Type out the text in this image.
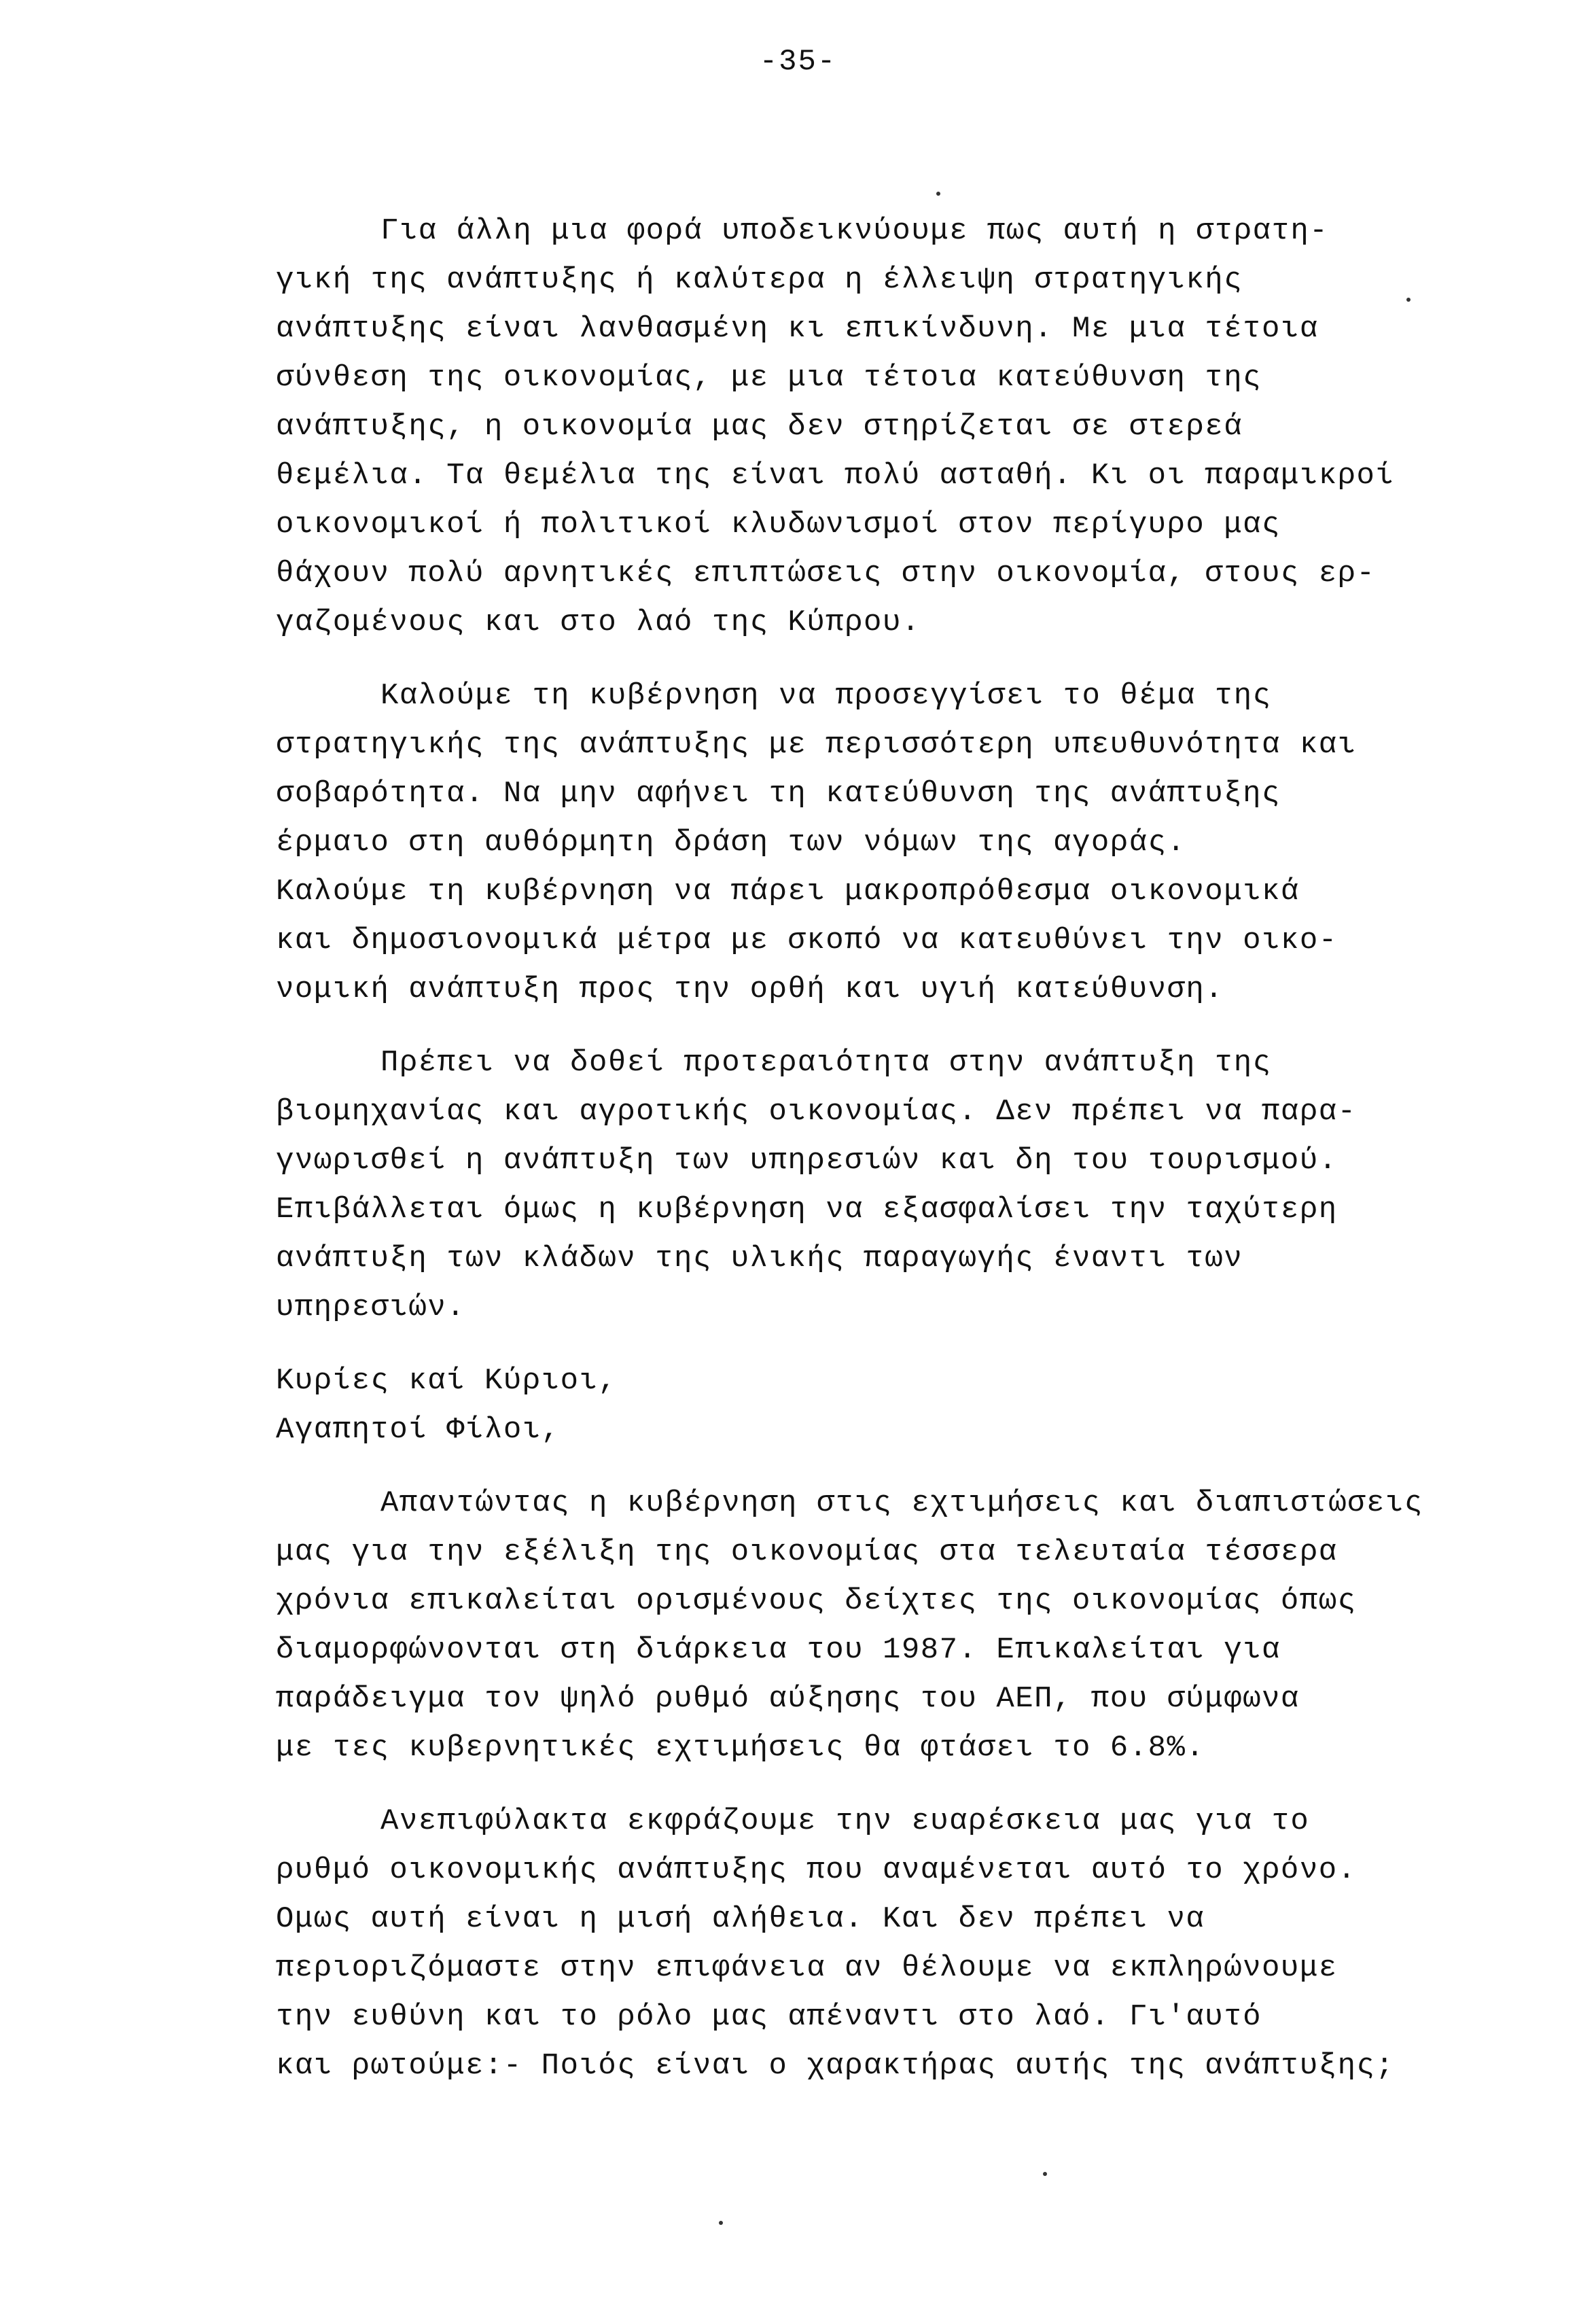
-35-
Για άλλη μια φορά υποδεικνύουμε πως αυτή η στρατη-
γική της ανάπτυξης ή καλύτερα η έλλειψη στρατηγικής
ανάπτυξης είναι λανθασμένη κι επικίνδυνη. Με μια τέτοια
σύνθεση της οικονομίας, με μια τέτοια κατεύθυνση της
ανάπτυξης, η οικονομία μας δεν στηρίζεται σε στερεά
θεμέλια. Τα θεμέλια της είναι πολύ ασταθή. Κι οι παραμικροί
οικονομικοί ή πολιτικοί κλυδωνισμοί στον περίγυρο μας
θάχουν πολύ αρνητικές επιπτώσεις στην οικονομία, στους ερ-
γαζομένους και στο λαό της Κύπρου.
Καλούμε τη κυβέρνηση να προσεγγίσει το θέμα της
στρατηγικής της ανάπτυξης με περισσότερη υπευθυνότητα και
σοβαρότητα. Να μην αφήνει τη κατεύθυνση της ανάπτυξης
έρμαιο στη αυθόρμητη δράση των νόμων της αγοράς.
Καλούμε τη κυβέρνηση να πάρει μακροπρόθεσμα οικονομικά
και δημοσιονομικά μέτρα με σκοπό να κατευθύνει την οικο-
νομική ανάπτυξη προς την ορθή και υγιή κατεύθυνση.
Πρέπει να δοθεί προτεραιότητα στην ανάπτυξη της
βιομηχανίας και αγροτικής οικονομίας. Δεν πρέπει να παρα-
γνωρισθεί η ανάπτυξη των υπηρεσιών και δη του τουρισμού.
Επιβάλλεται όμως η κυβέρνηση να εξασφαλίσει την ταχύτερη
ανάπτυξη των κλάδων της υλικής παραγωγής έναντι των
υπηρεσιών.
Κυρίες καί Κύριοι,
Αγαπητοί Φίλοι,
Απαντώντας η κυβέρνηση στις εχτιμήσεις και διαπιστώσεις
μας για την εξέλιξη της οικονομίας στα τελευταία τέσσερα
χρόνια επικαλείται ορισμένους δείχτες της οικονομίας όπως
διαμορφώνονται στη διάρκεια του 1987. Επικαλείται για
παράδειγμα τον ψηλό ρυθμό αύξησης του ΑΕΠ, που σύμφωνα
με τες κυβερνητικές εχτιμήσεις θα φτάσει το 6.8%.
Ανεπιφύλακτα εκφράζουμε την ευαρέσκεια μας για το
ρυθμό οικονομικής ανάπτυξης που αναμένεται αυτό το χρόνο.
Ομως αυτή είναι η μισή αλήθεια. Και δεν πρέπει να
περιοριζόμαστε στην επιφάνεια αν θέλουμε να εκπληρώνουμε
την ευθύνη και το ρόλο μας απέναντι στο λαό. Γι'αυτό
και ρωτούμε:- Ποιός είναι ο χαρακτήρας αυτής της ανάπτυξης;
